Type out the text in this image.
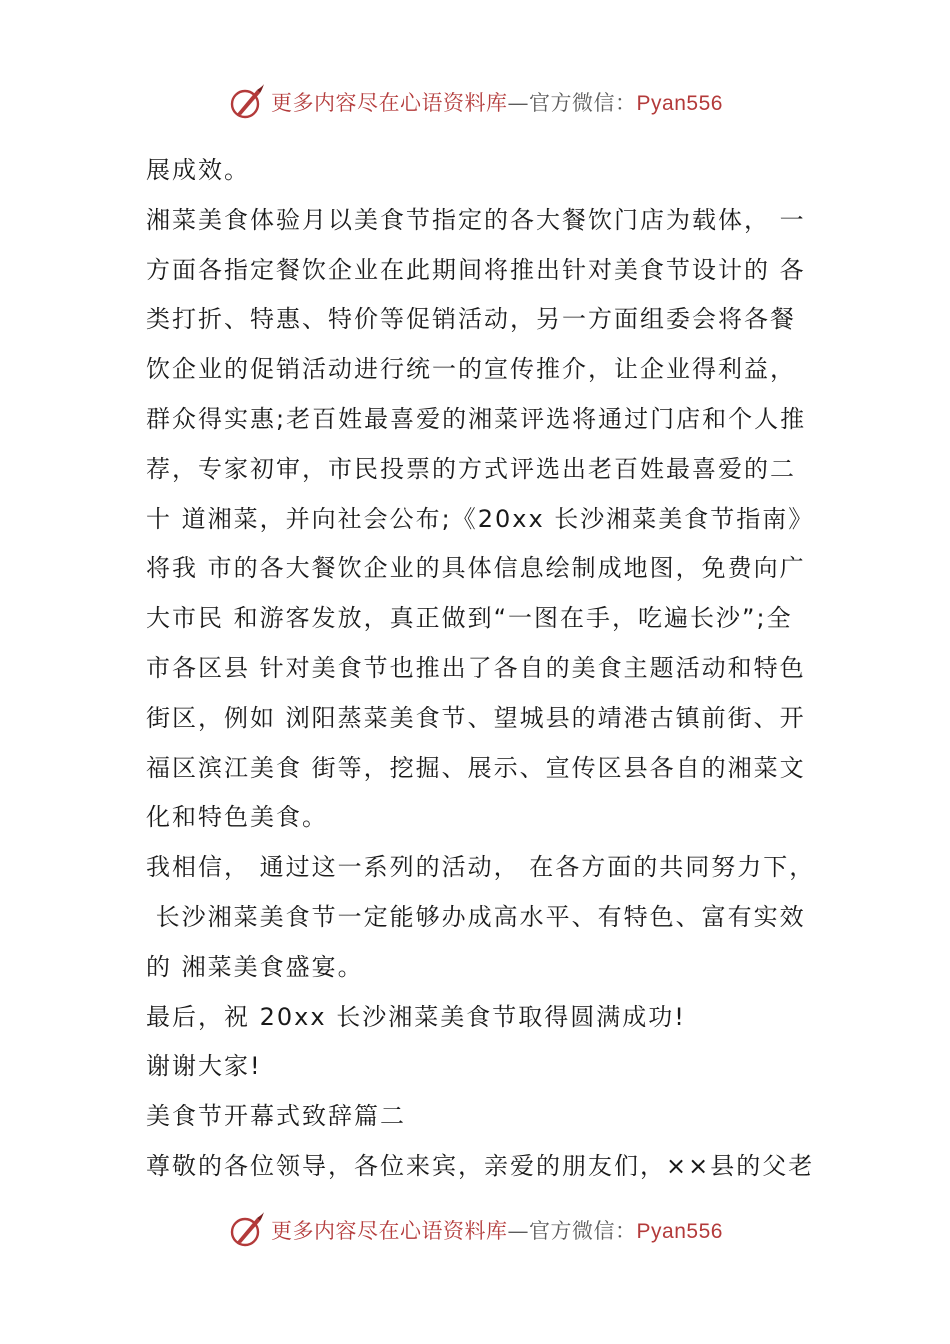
更多内容尽在心语资料库—官方微信：Pyan556
展成效。
湘菜美食体验月以美食节指定的各大餐饮门店为载体， 一
方面各指定餐饮企业在此期间将推出针对美食节设计的 各
类打折、特惠、特价等促销活动，另一方面组委会将各餐
饮企业的促销活动进行统一的宣传推介，让企业得利益，
群众得实惠;老百姓最喜爱的湘菜评选将通过门店和个人推
荐，专家初审，市民投票的方式评选出老百姓最喜爱的二
十 道湘菜，并向社会公布;《20xx 长沙湘菜美食节指南》
将我 市的各大餐饮企业的具体信息绘制成地图，免费向广
大市民 和游客发放，真正做到“一图在手，吃遍长沙”;全
市各区县 针对美食节也推出了各自的美食主题活动和特色
街区，例如 浏阳蒸菜美食节、望城县的靖港古镇前街、开
福区滨江美食 街等，挖掘、展示、宣传区县各自的湘菜文
化和特色美食。
我相信， 通过这一系列的活动， 在各方面的共同努力下，
长沙湘菜美食节一定能够办成高水平、有特色、富有实效
的 湘菜美食盛宴。
最后，祝 20xx 长沙湘菜美食节取得圆满成功!
谢谢大家!
美食节开幕式致辞篇二
尊敬的各位领导，各位来宾，亲爱的朋友们，××县的父老
更多内容尽在心语资料库—官方微信：Pyan556
